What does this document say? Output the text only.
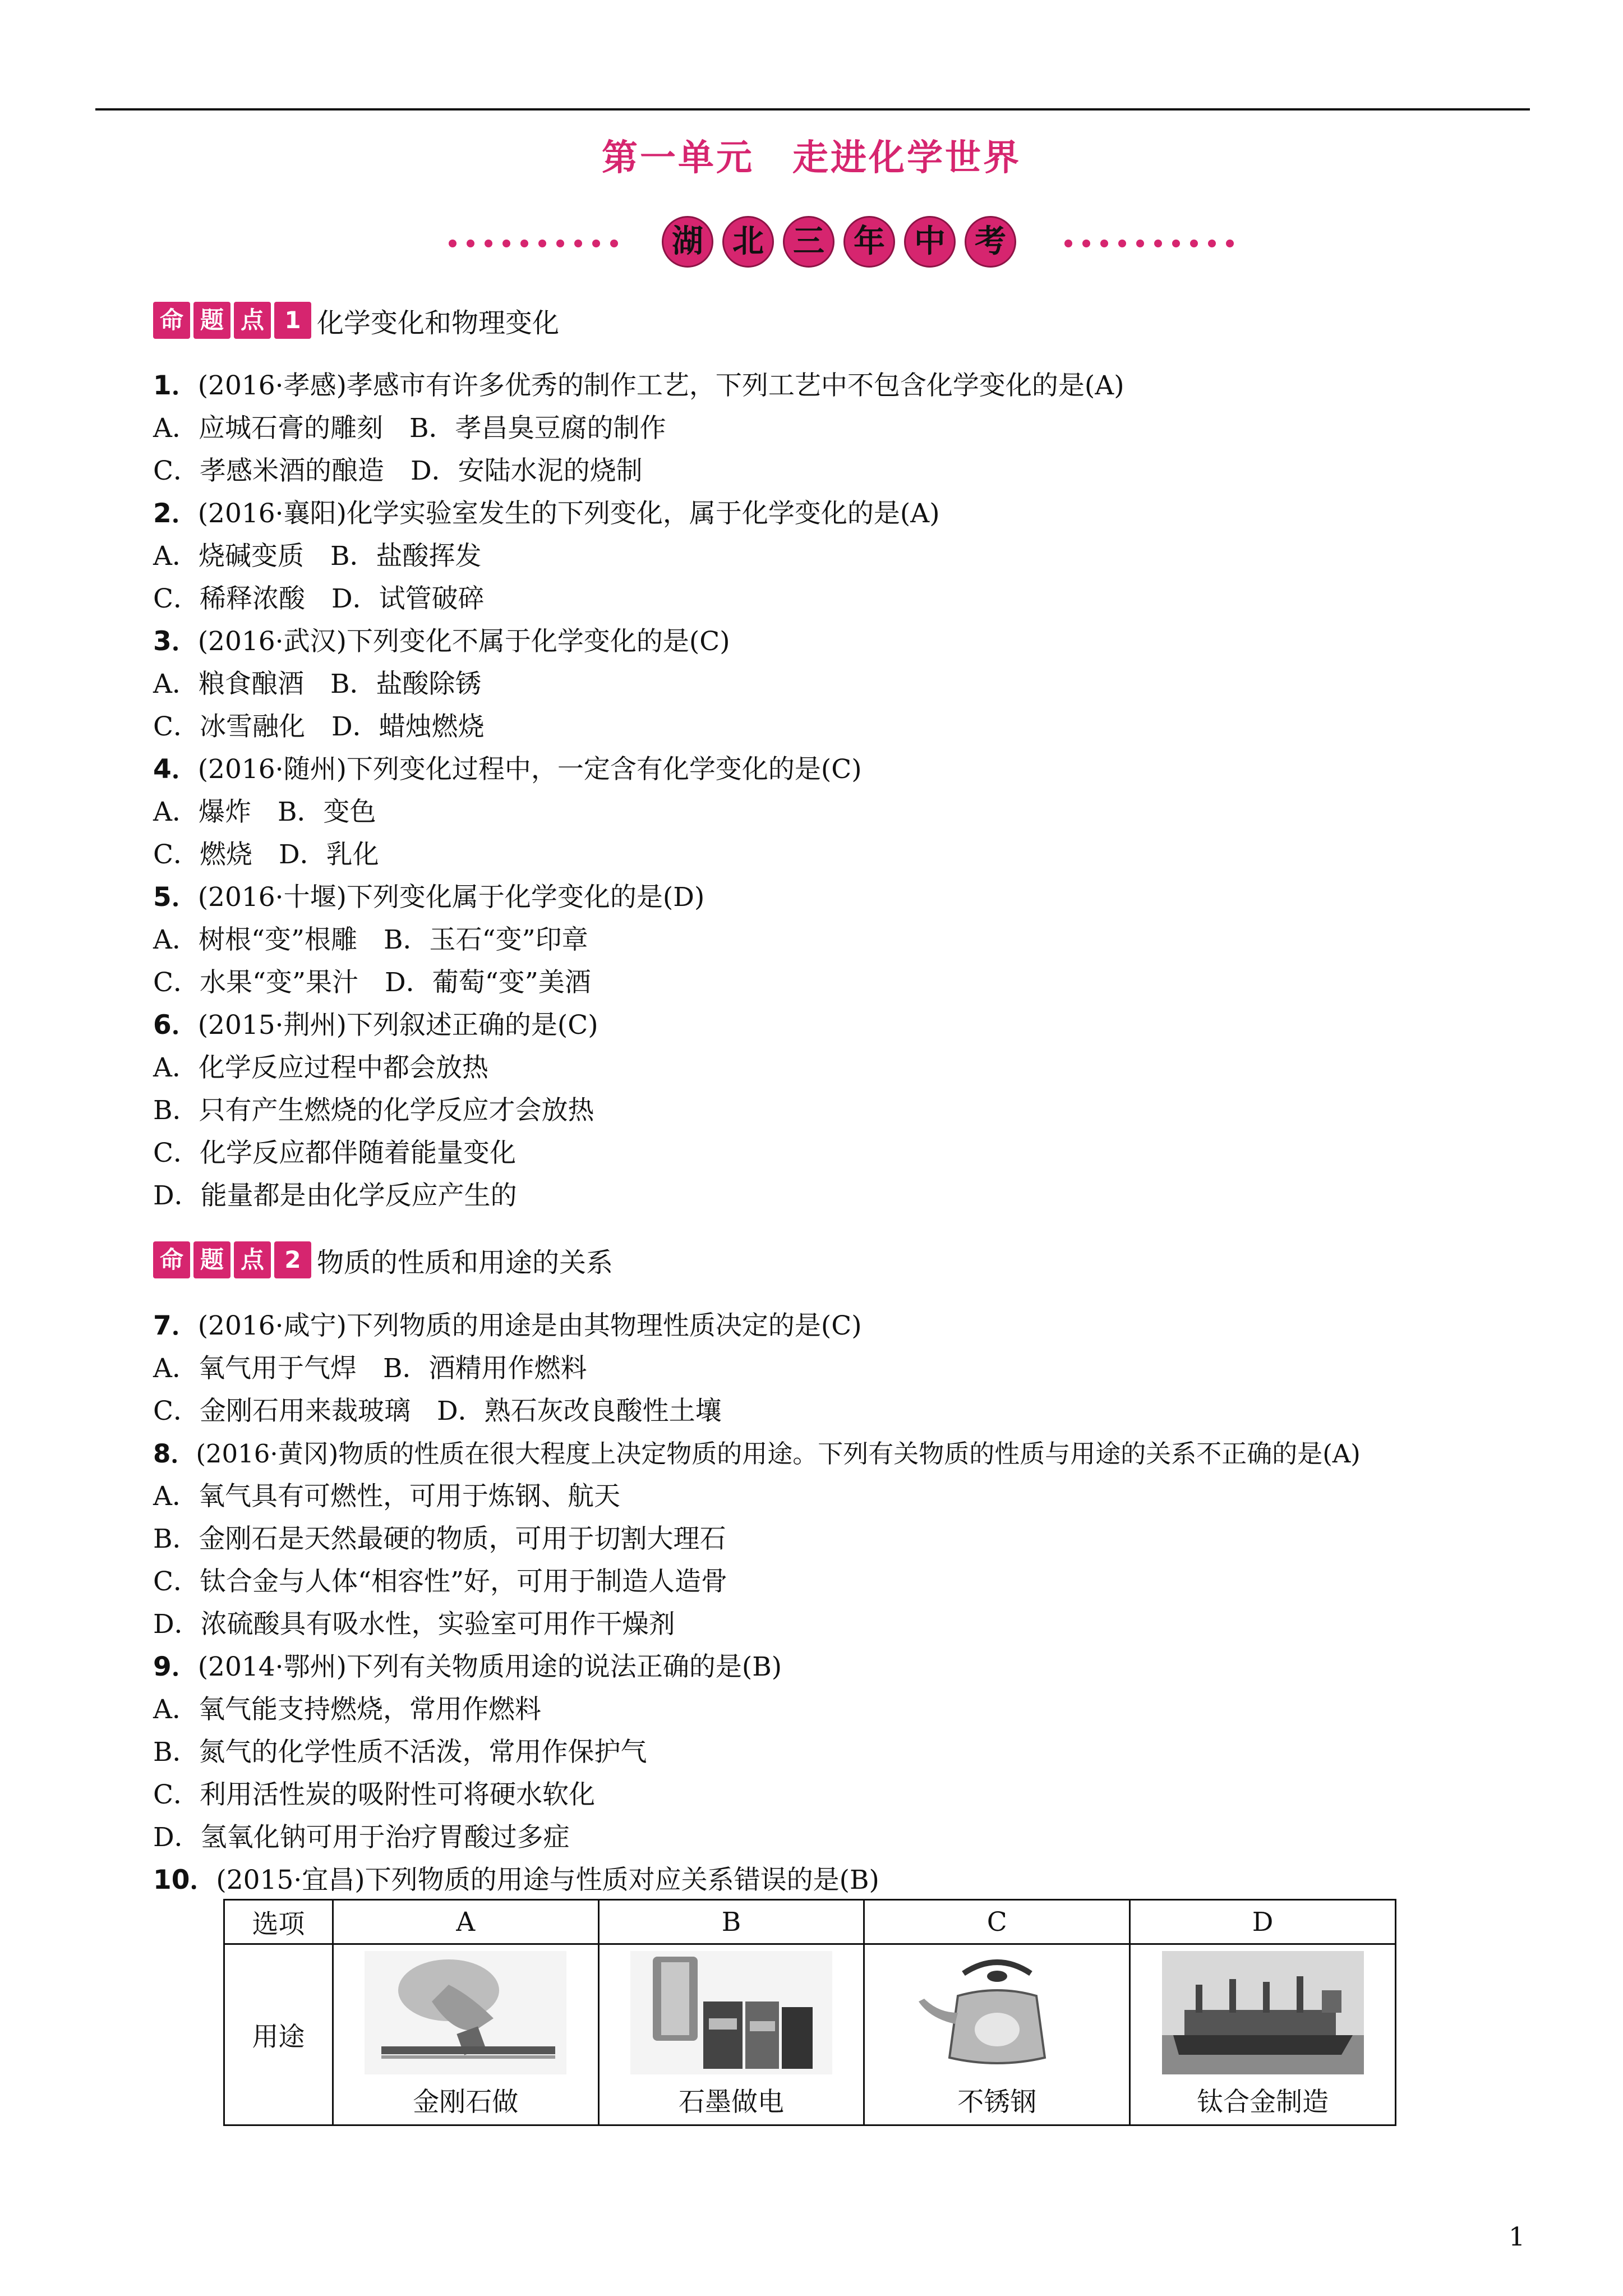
第一单元　走进化学世界
湖 北 三 年 中 考
命 题 点 1 化学变化和物理变化
1．(2016·孝感)孝感市有许多优秀的制作工艺，下列工艺中不包含化学变化的是(A)
A．应城石膏的雕刻　B．孝昌臭豆腐的制作
C．孝感米酒的酿造　D．安陆水泥的烧制
2．(2016·襄阳)化学实验室发生的下列变化，属于化学变化的是(A)
A．烧碱变质　B．盐酸挥发
C．稀释浓酸　D．试管破碎
3．(2016·武汉)下列变化不属于化学变化的是(C)
A．粮食酿酒　B．盐酸除锈
C．冰雪融化　D．蜡烛燃烧
4．(2016·随州)下列变化过程中，一定含有化学变化的是(C)
A．爆炸　B．变色
C．燃烧　D．乳化
5．(2016·十堰)下列变化属于化学变化的是(D)
A．树根“变”根雕　B．玉石“变”印章
C．水果“变”果汁　D．葡萄“变”美酒
6．(2015·荆州)下列叙述正确的是(C)
A．化学反应过程中都会放热
B．只有产生燃烧的化学反应才会放热
C．化学反应都伴随着能量变化
D．能量都是由化学反应产生的
命 题 点 2 物质的性质和用途的关系
7．(2016·咸宁)下列物质的用途是由其物理性质决定的是(C)
A．氧气用于气焊　B．酒精用作燃料
C．金刚石用来裁玻璃　D．熟石灰改良酸性土壤
8．(2016·黄冈)物质的性质在很大程度上决定物质的用途。下列有关物质的性质与用途的关系不正确的是(A)
A．氧气具有可燃性，可用于炼钢、航天
B．金刚石是天然最硬的物质，可用于切割大理石
C．钛合金与人体“相容性”好，可用于制造人造骨
D．浓硫酸具有吸水性，实验室可用作干燥剂
9．(2014·鄂州)下列有关物质用途的说法正确的是(B)
A．氧气能支持燃烧，常用作燃料
B．氮气的化学性质不活泼，常用作保护气
C．利用活性炭的吸附性可将硬水软化
D．氢氧化钠可用于治疗胃酸过多症
10．(2015·宜昌)下列物质的用途与性质对应关系错误的是(B)
选项	A	B	C	D
用途	金刚石做	石墨做电	不锈钢	钛合金制造
1
